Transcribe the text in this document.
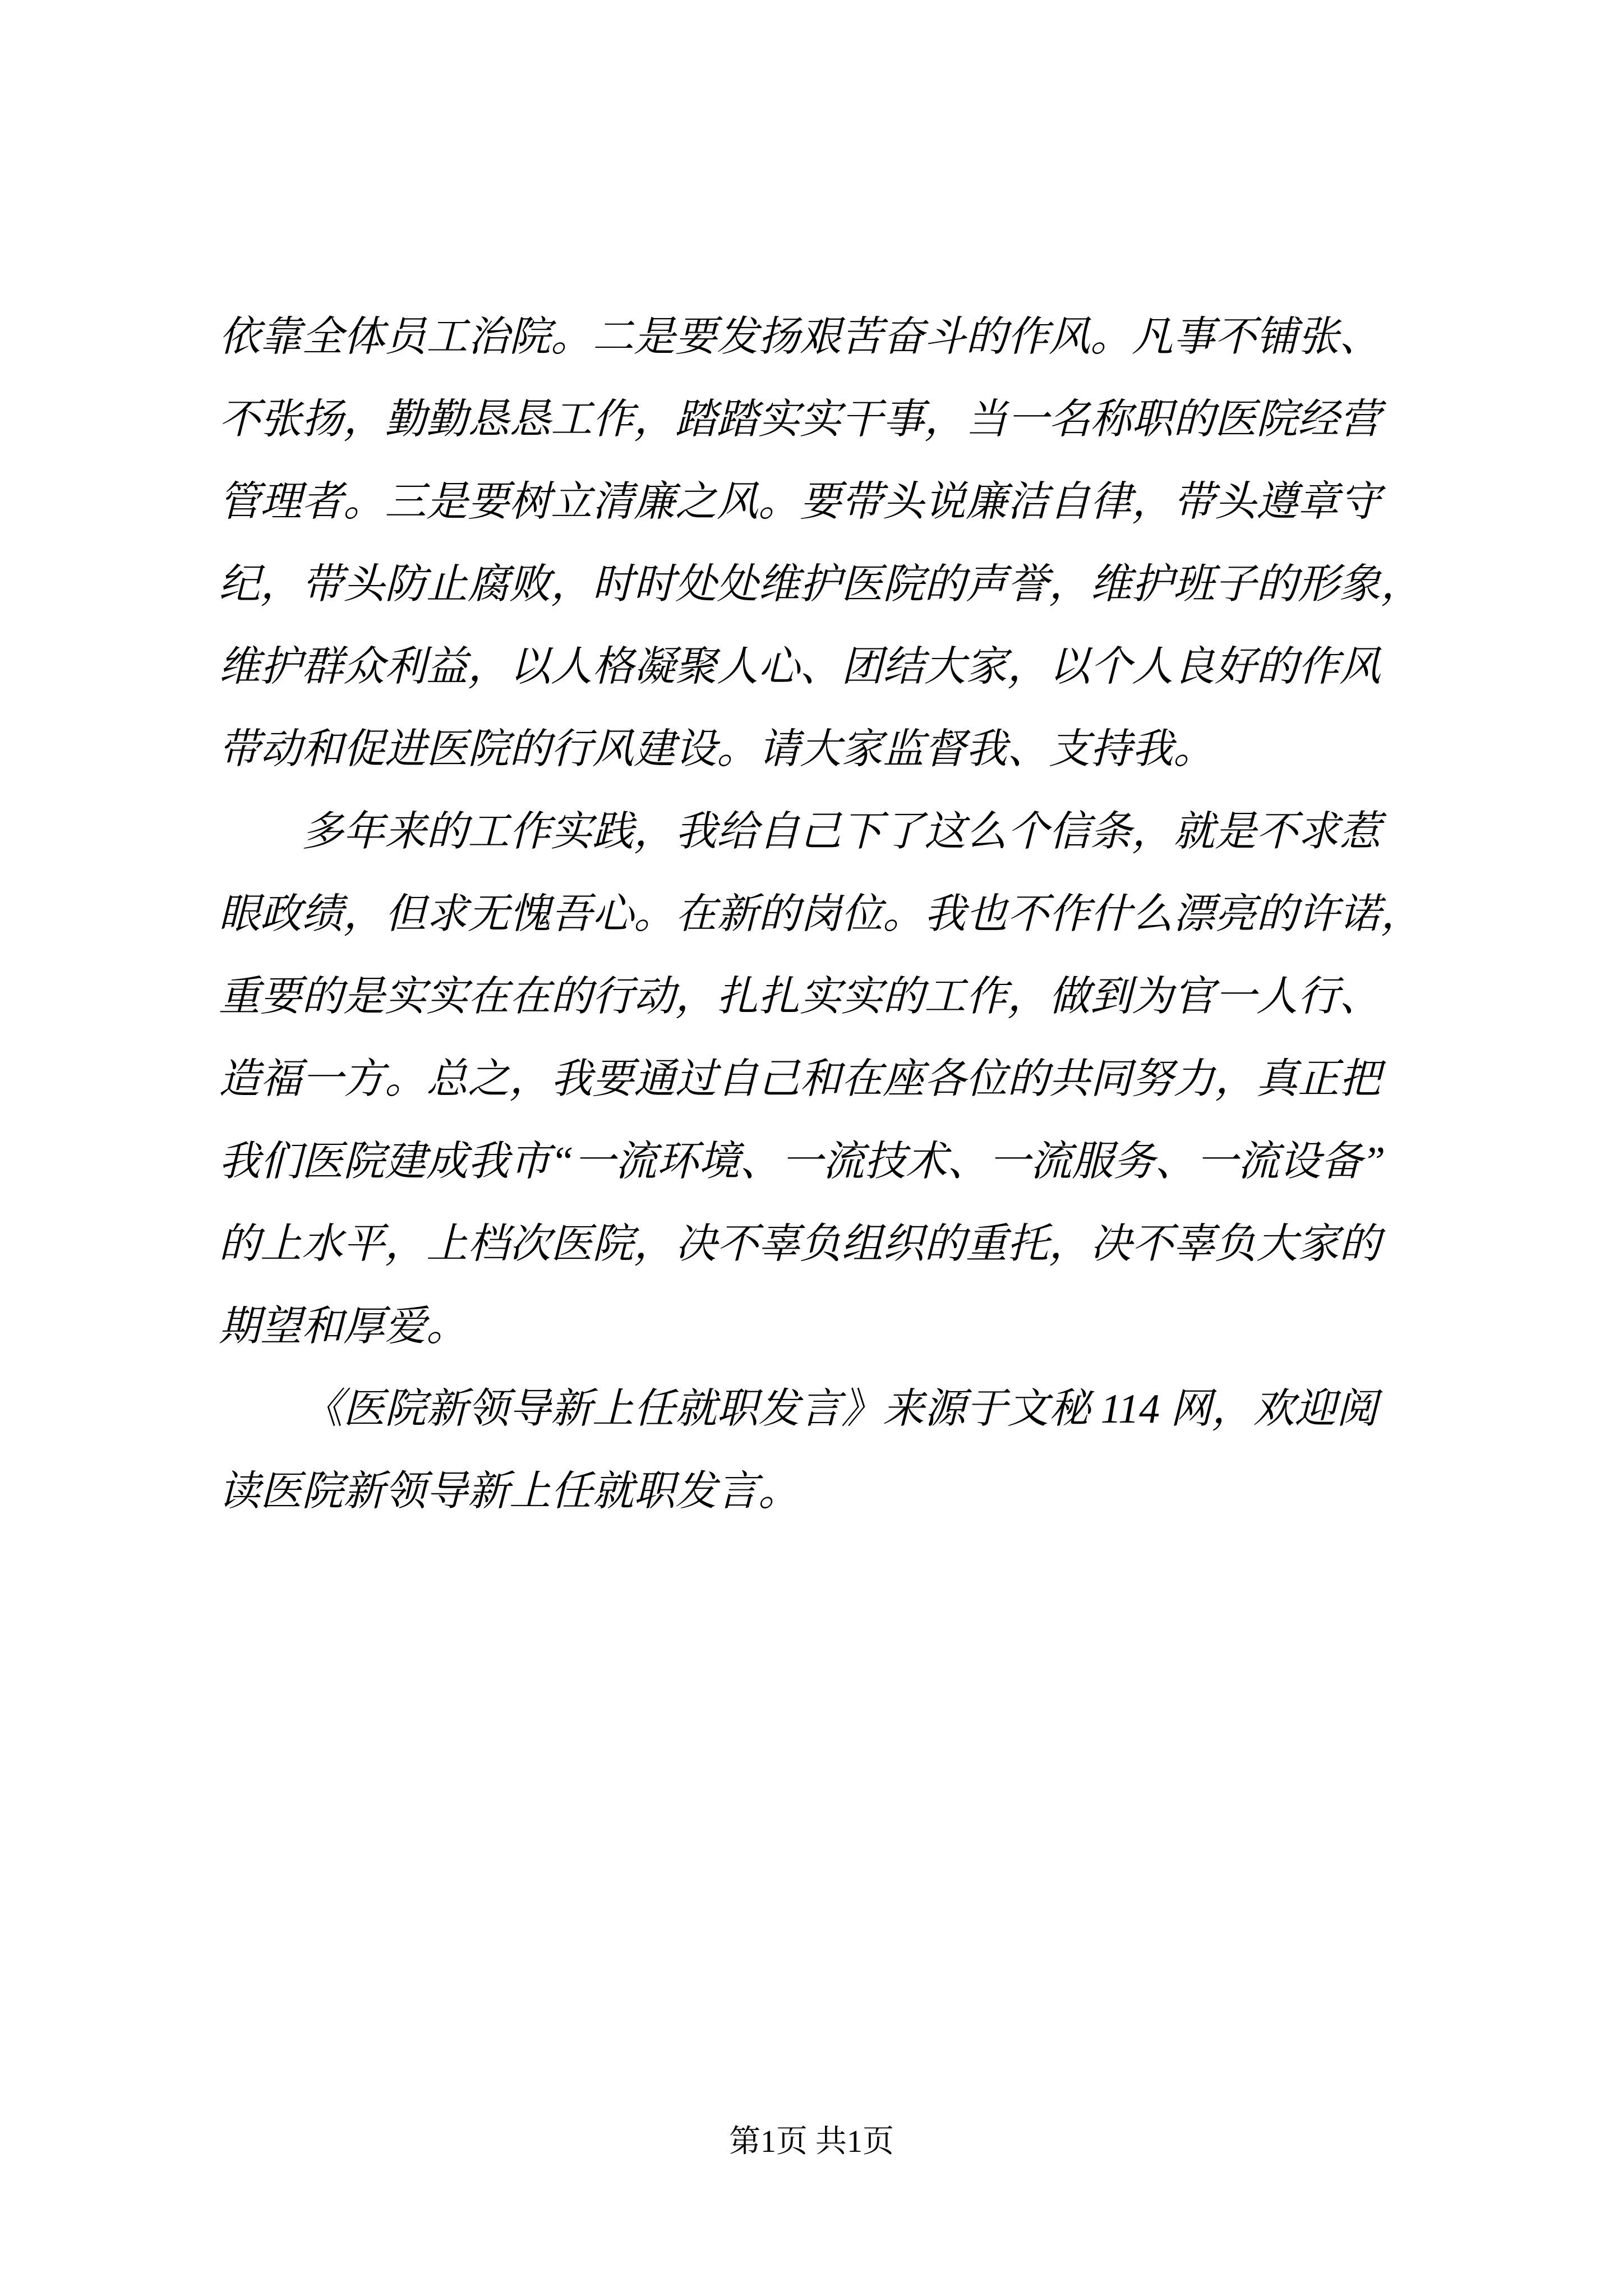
依靠全体员工治院。二是要发扬艰苦奋斗的作风。凡事不铺张、
不张扬，勤勤恳恳工作，踏踏实实干事，当一名称职的医院经营
管理者。三是要树立清廉之风。要带头说廉洁自律，带头遵章守
纪，带头防止腐败，时时处处维护医院的声誉，维护班子的形象，
维护群众利益，以人格凝聚人心、团结大家，以个人良好的作风
带动和促进医院的行风建设。请大家监督我、支持我。
多年来的工作实践，我给自己下了这么个信条，就是不求惹
眼政绩，但求无愧吾心。在新的岗位。我也不作什么漂亮的许诺，
重要的是实实在在的行动，扎扎实实的工作，做到为官一人行、
造福一方。总之，我要通过自己和在座各位的共同努力，真正把
我们医院建成我市“一流环境、一流技术、一流服务、一流设备”
的上水平，上档次医院，决不辜负组织的重托，决不辜负大家的
期望和厚爱。
《医院新领导新上任就职发言》来源于文秘 114 网，欢迎阅
读医院新领导新上任就职发言。
第1页 共1页
